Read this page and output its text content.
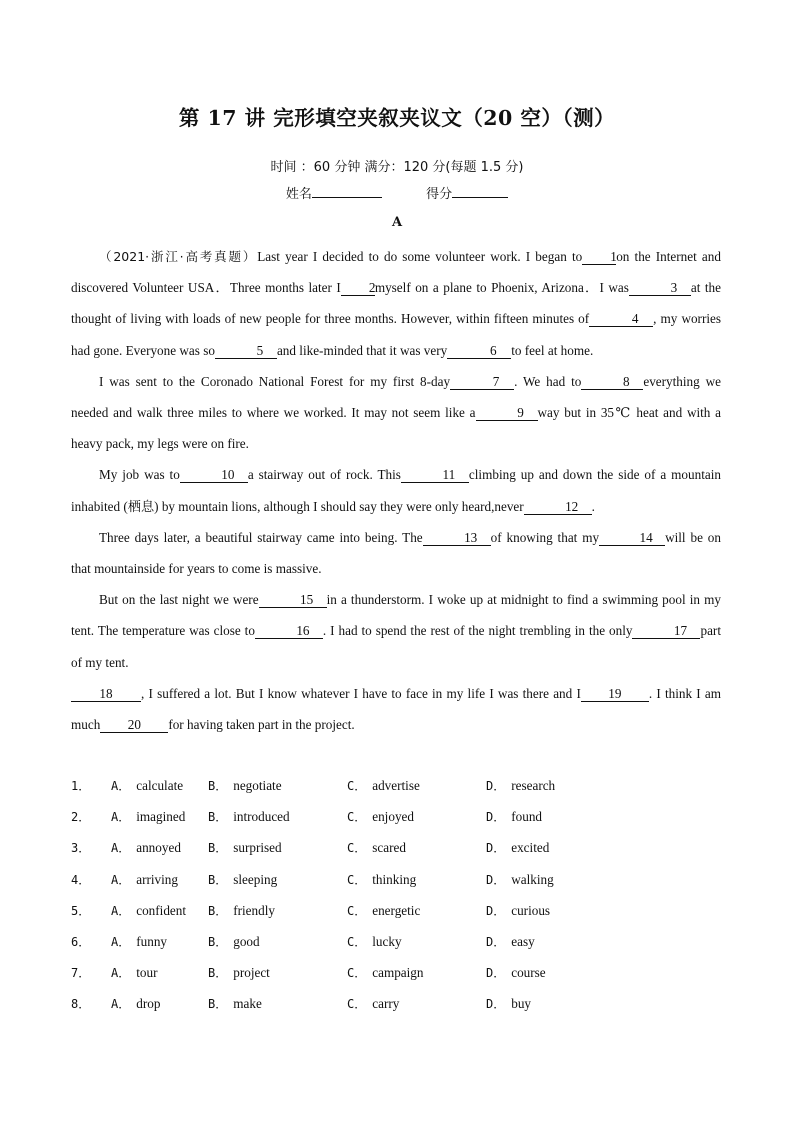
第 17 讲 完形填空夹叙夹议文（20 空）（测）
时间 ：60 分钟 满分：120 分(每题 1.5 分)
姓名	得分
A

（2021·浙江·高考真题）Last year I decided to do some volunteer work. I began to 1on the Internet and discovered Volunteer USA．Three months later I 2myself on a plane to Phoenix, Arizona．I was	3 at the thought of living with loads of new people for three months. However, within fifteen minutes of	4 , my worries had gone. Everyone was so	5 and like-minded that it was very	6 to feel at home.

I was sent to the Coronado National Forest for my first 8-day	7 . We had to	8 everything we needed and walk three miles to where we worked. It may not seem like a	9 way but in 35℃ heat and with a heavy pack, my legs were on fire.

My job was to	10 a stairway out of rock. This	11 climbing up and down the side of a mountain inhabited (栖息) by mountain lions, although I should say they were only heard,never	12 .

Three days later, a beautiful stairway came into being. The	13 of knowing that my	14 will be on that mountainside for years to come is massive.

But on the last night we were	15 in a thunderstorm. I woke up at midnight to find a swimming pool in my tent. The temperature was close to	16 . I had to spend the rest of the night trembling in the only	17 part of my tent.

18 , I suffered a lot. But I know whatever I have to face in my life I was there and I 19 . I think I am much 20 for having taken part in the project.

1．	A． calculate	B． negotiate	C． advertise	D． research
2．	A． imagined	B． introduced	C． enjoyed	D． found
3．	A． annoyed	B． surprised	C． scared	D． excited
4．	A． arriving	B． sleeping	C． thinking	D． walking
5．	A． confident	B． friendly	C． energetic	D． curious
6．	A． funny	B． good	C． lucky	D． easy
7．	A． tour	B． project	C． campaign	D． course
8．	A． drop	B． make	C． carry	D． buy
